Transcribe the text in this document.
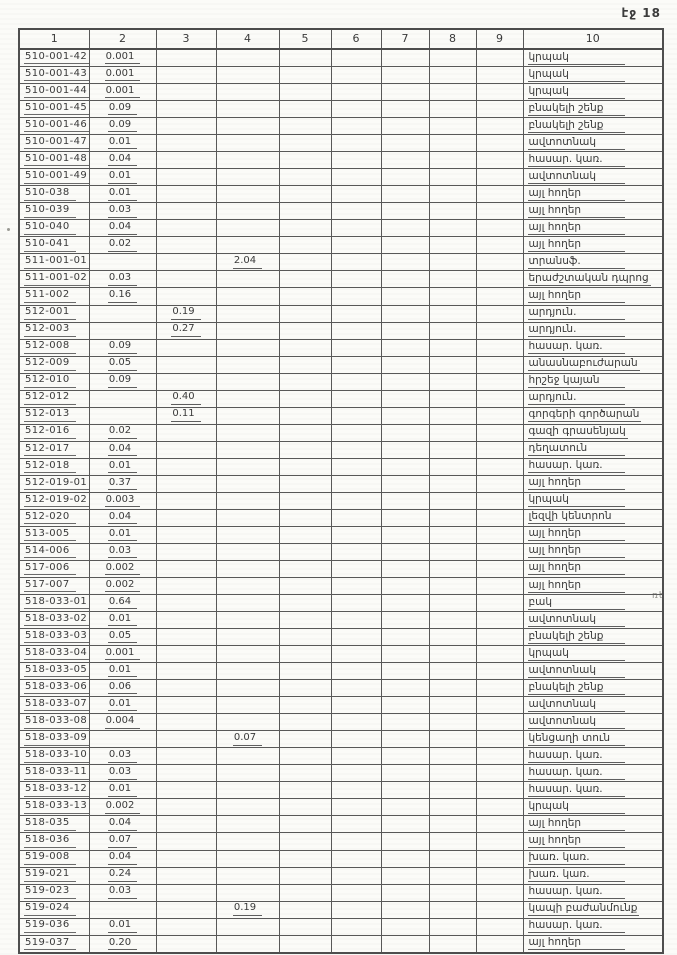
էջ 18
ռե
1	2	3	4	5	6	7	8	9	10
510-001-42	0.001								կրպակ
510-001-43	0.001								կրպակ
510-001-44	0.001								կրպակ
510-001-45	0.09								բնակելի շենք
510-001-46	0.09								բնակելի շենք
510-001-47	0.01								ավտոտնակ
510-001-48	0.04								հասար. կառ.
510-001-49	0.01								ավտոտնակ
510-038	0.01								այլ հողեր
510-039	0.03								այլ հողեր
510-040	0.04								այլ հողեր
510-041	0.02								այլ հողեր
511-001-01			2.04						տրանսֆ.
511-001-02	0.03								երաժշտական դպրոց
511-002	0.16								այլ հողեր
512-001		0.19							արդյուն.
512-003		0.27							արդյուն.
512-008	0.09								հասար. կառ.
512-009	0.05								անասնաբուժարան
512-010	0.09								հրշեջ կայան
512-012		0.40							արդյուն.
512-013		0.11							գորգերի գործարան
512-016	0.02								գազի գրասենյակ
512-017	0.04								դեղատուն
512-018	0.01								հասար. կառ.
512-019-01	0.37								այլ հողեր
512-019-02	0.003								կրպակ
512-020	0.04								լեզվի կենտրոն
513-005	0.01								այլ հողեր
514-006	0.03								այլ հողեր
517-006	0.002								այլ հողեր
517-007	0.002								այլ հողեր
518-033-01	0.64								բակ
518-033-02	0.01								ավտոտնակ
518-033-03	0.05								բնակելի շենք
518-033-04	0.001								կրպակ
518-033-05	0.01								ավտոտնակ
518-033-06	0.06								բնակելի շենք
518-033-07	0.01								ավտոտնակ
518-033-08	0.004								ավտոտնակ
518-033-09			0.07						կենցաղի տուն
518-033-10	0.03								հասար. կառ.
518-033-11	0.03								հասար. կառ.
518-033-12	0.01								հասար. կառ.
518-033-13	0.002								կրպակ
518-035	0.04								այլ հողեր
518-036	0.07								այլ հողեր
519-008	0.04								խառ. կառ.
519-021	0.24								խառ. կառ.
519-023	0.03								հասար. կառ.
519-024			0.19						կապի բաժանմունք
519-036	0.01								հասար. կառ.
519-037	0.20								այլ հողեր
